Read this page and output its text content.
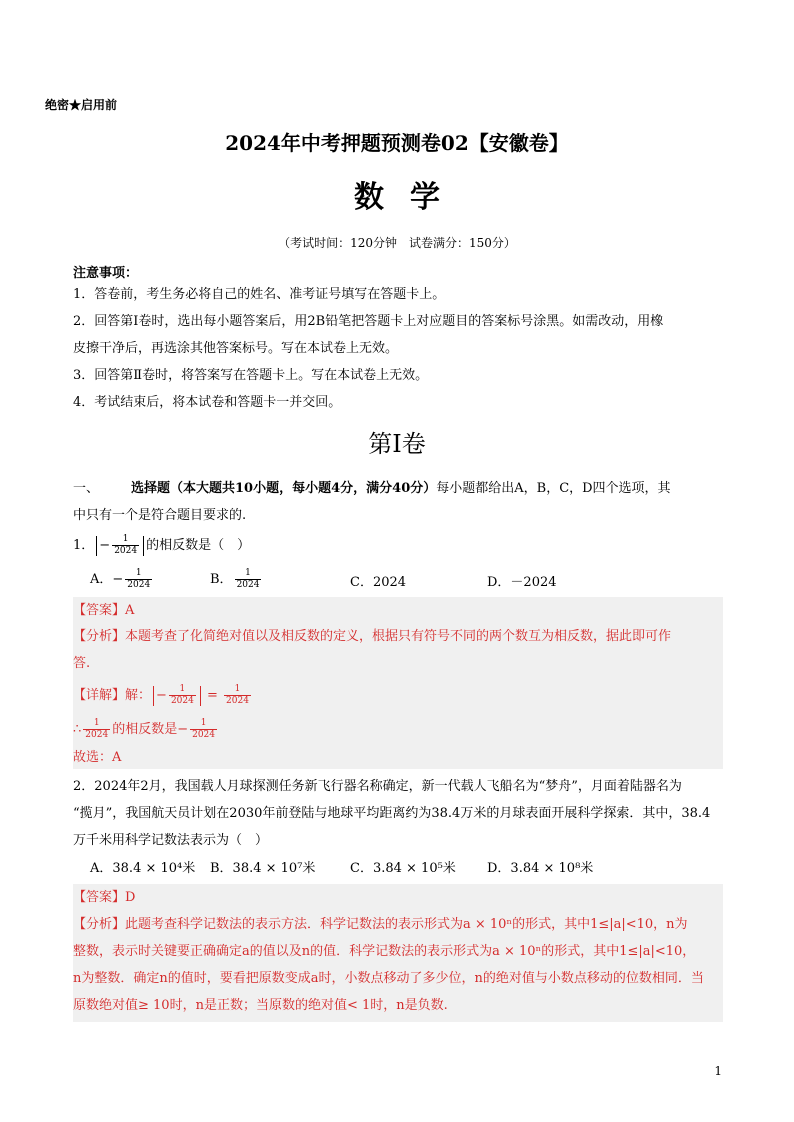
绝密★启用前
2024年中考押题预测卷02【安徽卷】
数学
（考试时间：120分钟　试卷满分：150分）
注意事项：
1．答卷前，考生务必将自己的姓名、准考证号填写在答题卡上。
2．回答第Ⅰ卷时，选出每小题答案后，用2B铅笔把答题卡上对应题目的答案标号涂黑。如需改动，用橡
皮擦干净后，再选涂其他答案标号。写在本试卷上无效。
3．回答第Ⅱ卷时，将答案写在答题卡上。写在本试卷上无效。
4．考试结束后，将本试卷和答题卡一并交回。
第Ⅰ卷
一、 选择题（本大题共10小题，每小题4分，满分40分）每小题都给出A，B，C，D四个选项，其
中只有一个是符合题目要求的.
1． − $\frac{1}{2024}$ 的相反数是（　）
A．− $\frac{1}{2024}$	B． $\frac{1}{2024}$	C．2024	D．－2024
【答案】A
【分析】本题考查了化简绝对值以及相反数的定义，根据只有符号不同的两个数互为相反数，据此即可作
答.
【详解】解： − $\frac{1}{2024} = \frac{1}{2024}$
∴ $\frac{1}{2024}$ 的相反数是− $\frac{1}{2024}$
故选：A
2．2024年2月，我国载人月球探测任务新飞行器名称确定，新一代载人飞船名为“梦舟”，月面着陆器名为
“揽月”，我国航天员计划在2030年前登陆与地球平均距离约为38.4万米的月球表面开展科学探索．其中，38.4
万千米用科学记数法表示为（　）
A．38.4 × 10⁴米 B．38.4 × 10⁷米	C．3.84 × 10⁵米 D．3.84 × 10⁸米
【答案】D
【分析】此题考查科学记数法的表示方法．科学记数法的表示形式为a × 10ⁿ的形式，其中1≤|a|<10，n为
整数，表示时关键要正确确定a的值以及n的值．科学记数法的表示形式为a × 10ⁿ的形式，其中1≤|a|<10，
n为整数．确定n的值时，要看把原数变成a时，小数点移动了多少位，n的绝对值与小数点移动的位数相同．当
原数绝对值≥ 10时，n是正数；当原数的绝对值< 1时，n是负数.
1
